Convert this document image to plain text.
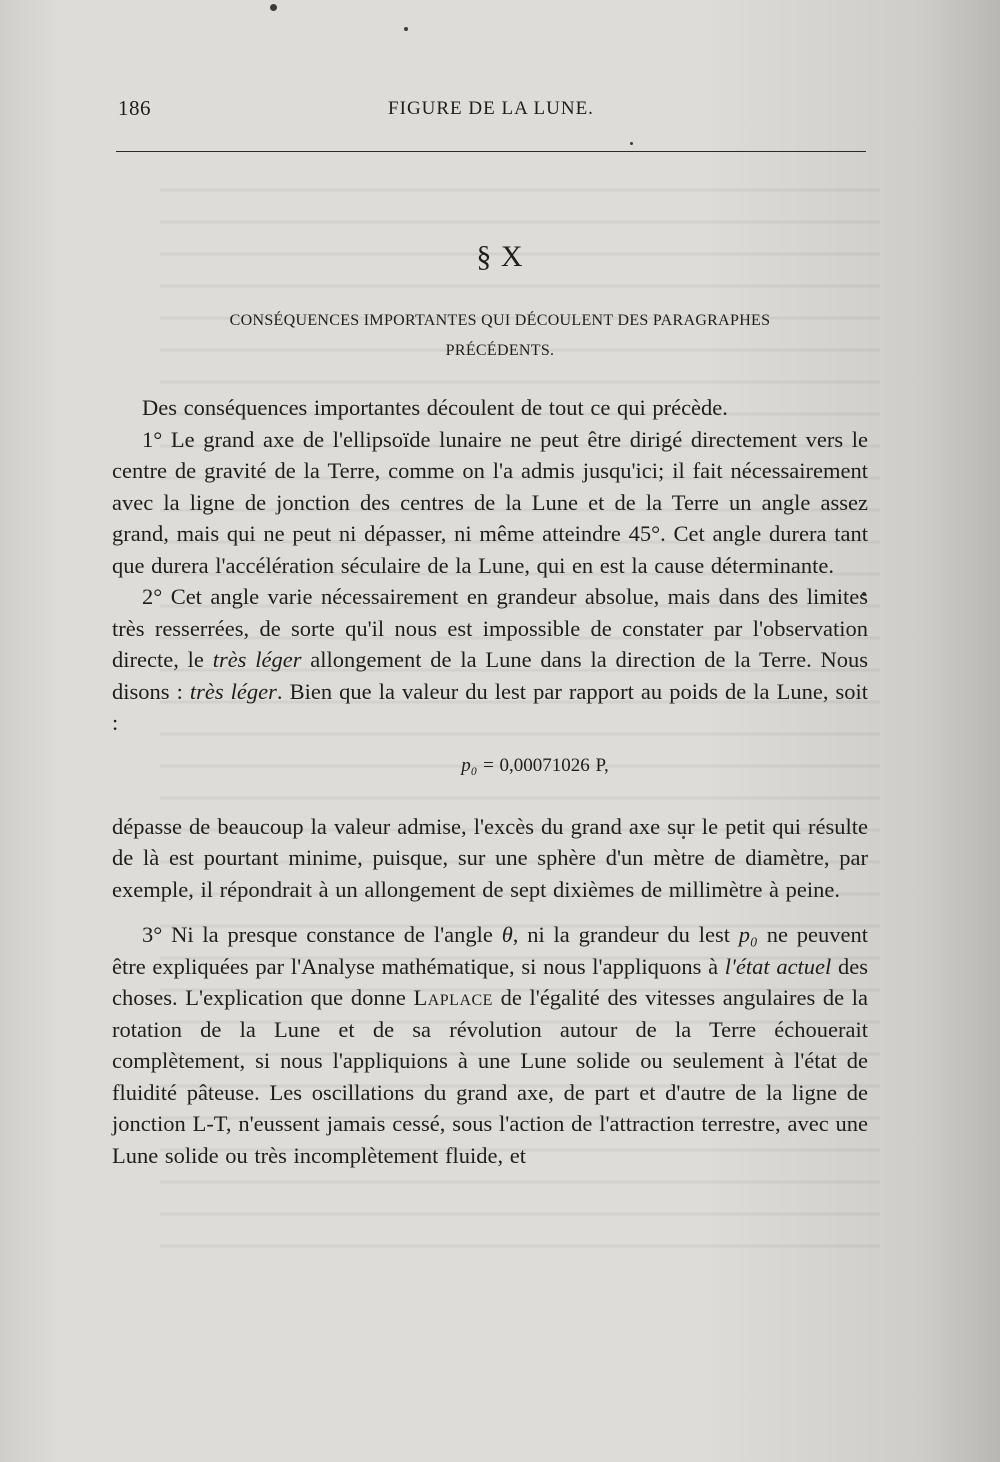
186	FIGURE DE LA LUNE.
§ X
CONSÉQUENCES IMPORTANTES QUI DÉCOULENT DES PARAGRAPHES
PRÉCÉDENTS.

Des conséquences importantes découlent de tout ce qui précède.

1° Le grand axe de l'ellipsoïde lunaire ne peut être dirigé directement vers le centre de gravité de la Terre, comme on l'a admis jusqu'ici; il fait nécessairement avec la ligne de jonction des centres de la Lune et de la Terre un angle assez grand, mais qui ne peut ni dépasser, ni même atteindre 45°. Cet angle durera tant que durera l'accélération séculaire de la Lune, qui en est la cause déterminante.

2° Cet angle varie nécessairement en grandeur absolue, mais dans des limites très resserrées, de sorte qu'il nous est impossible de constater par l'observation directe, le très léger allongement de la Lune dans la direction de la Terre. Nous disons : très léger. Bien que la valeur du lest par rapport au poids de la Lune, soit :

p₀ = 0,00071026 P,

dépasse de beaucoup la valeur admise, l'excès du grand axe sur le petit qui résulte de là est pourtant minime, puisque, sur une sphère d'un mètre de diamètre, par exemple, il répondrait à un allongement de sept dixièmes de millimètre à peine.

3° Ni la presque constance de l'angle θ, ni la grandeur du lest p₀ ne peuvent être expliquées par l'Analyse mathématique, si nous l'appliquons à l'état actuel des choses. L'explication que donne Laplace de l'égalité des vitesses angulaires de la rotation de la Lune et de sa révolution autour de la Terre échouerait complètement, si nous l'appliquions à une Lune solide ou seulement à l'état de fluidité pâteuse. Les oscillations du grand axe, de part et d'autre de la ligne de jonction L-T, n'eussent jamais cessé, sous l'action de l'attraction terrestre, avec une Lune solide ou très incomplètement fluide, et
